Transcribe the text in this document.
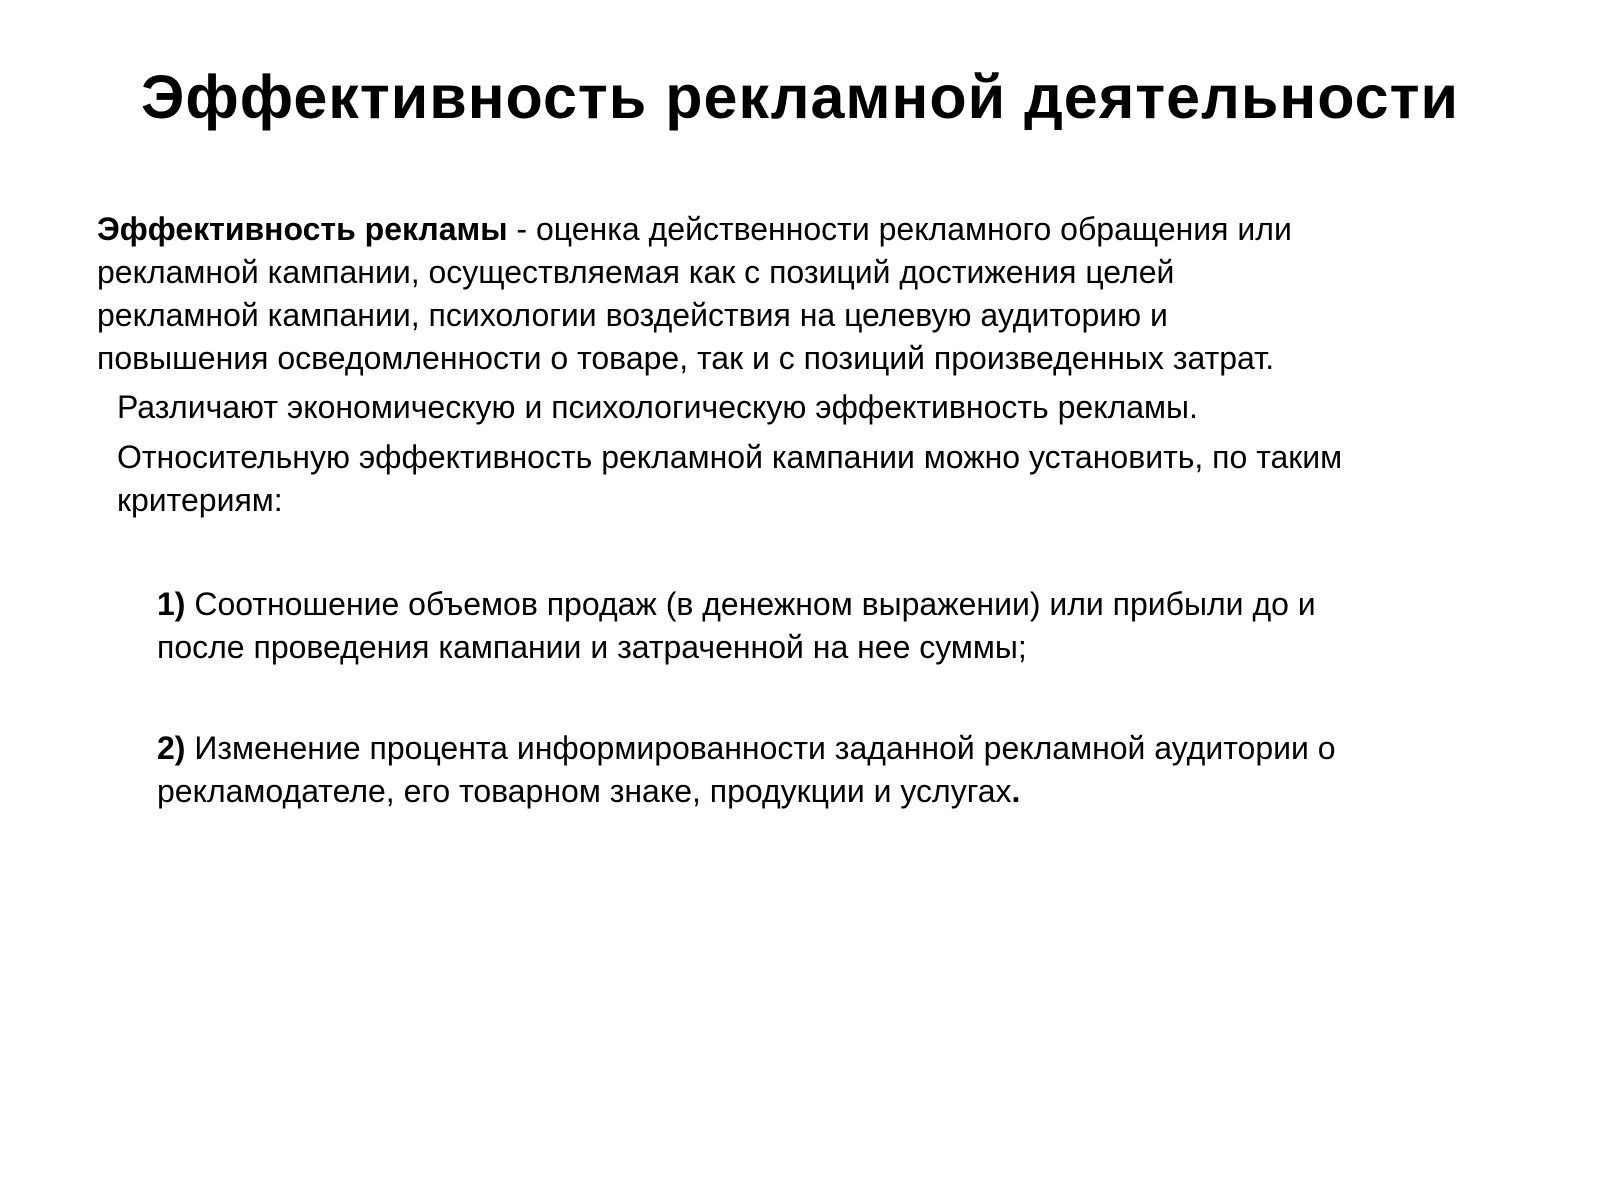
Эффективность рекламной деятельности

Эффективность рекламы - оценка действенности рекламного обращения или
рекламной кампании, осуществляемая как с позиций достижения целей
рекламной кампании, психологии воздействия на целевую аудиторию и
повышения осведомленности о товаре, так и с позиций произведенных затрат.

Различают экономическую и психологическую эффективность рекламы.

Относительную эффективность рекламной кампании можно установить, по таким
критериям:

1) Соотношение объемов продаж (в денежном выражении) или прибыли до и
после проведения кампании и затраченной на нее суммы;

2) Изменение процента информированности заданной рекламной аудитории о
рекламодателе, его товарном знаке, продукции и услугах.
